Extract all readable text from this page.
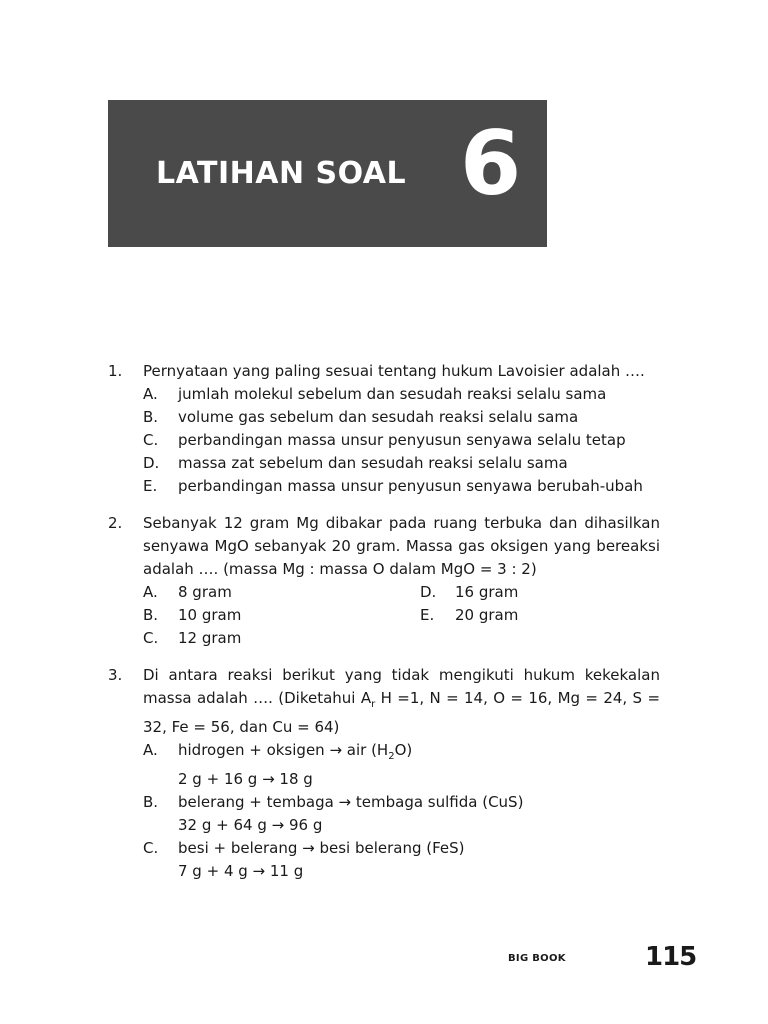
LATIHAN SOAL 6
1. Pernyataan yang paling sesuai tentang hukum Lavoisier adalah ….
A. jumlah molekul sebelum dan sesudah reaksi selalu sama
B. volume gas sebelum dan sesudah reaksi selalu sama
C. perbandingan massa unsur penyusun senyawa selalu tetap
D. massa zat sebelum dan sesudah reaksi selalu sama
E. perbandingan massa unsur penyusun senyawa berubah-ubah
2. Sebanyak 12 gram Mg dibakar pada ruang terbuka dan dihasilkan senyawa MgO sebanyak 20 gram. Massa gas oksigen yang bereaksi adalah …. (massa Mg : massa O dalam MgO = 3 : 2)
A. 8 gram	D. 16 gram
B. 10 gram	E. 20 gram
C. 12 gram
3. Di antara reaksi berikut yang tidak mengikuti hukum kekekalan massa adalah …. (Diketahui $A_r$ H =1, N = 14, O = 16, Mg = 24, S = 32, Fe = 56, dan Cu = 64)
A. hidrogen + oksigen → air $(H_2O)$
2 g + 16 g → 18 g
B. belerang + tembaga → tembaga sulfida (CuS)
32 g + 64 g → 96 g
C. besi + belerang → besi belerang (FeS)
7 g + 4 g → 11 g
BIG BOOK	115
